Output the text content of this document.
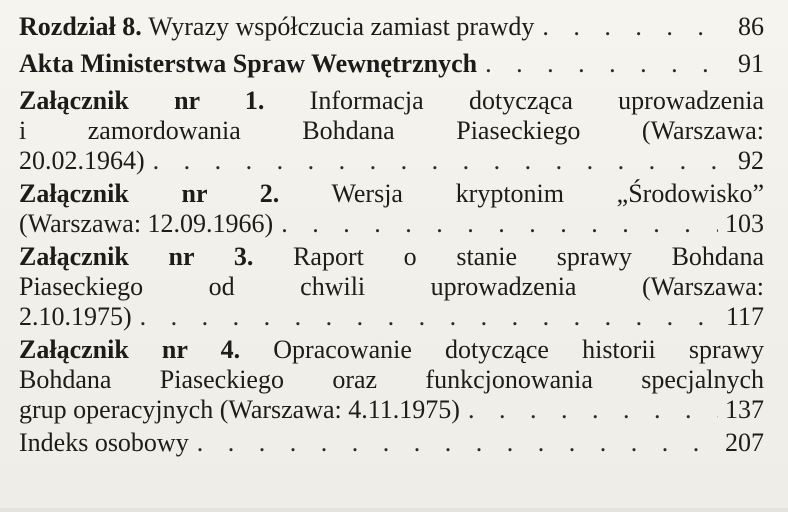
Rozdział 8.
Wyrazy współczucia zamiast prawdy . . .	86
Akta Ministerstwa Spraw Wewnętrznych . . .	91
Załącznik nr 1. Informacja dotycząca uprowadzenia
i zamordowania Bohdana Piaseckiego (Warszawa:
20.02.1964) . . .	92
Załącznik nr 2. Wersja kryptonim „Środowisko”
(Warszawa: 12.09.1966) . . .	103
Załącznik nr 3. Raport o stanie sprawy Bohdana
Piaseckiego od chwili uprowadzenia (Warszawa:
2.10.1975) . . .	117
Załącznik nr 4. Opracowanie dotyczące historii sprawy
Bohdana Piaseckiego oraz funkcjonowania specjalnych
grup operacyjnych (Warszawa: 4.11.1975) . . .	137
Indeks osobowy . . .	207
